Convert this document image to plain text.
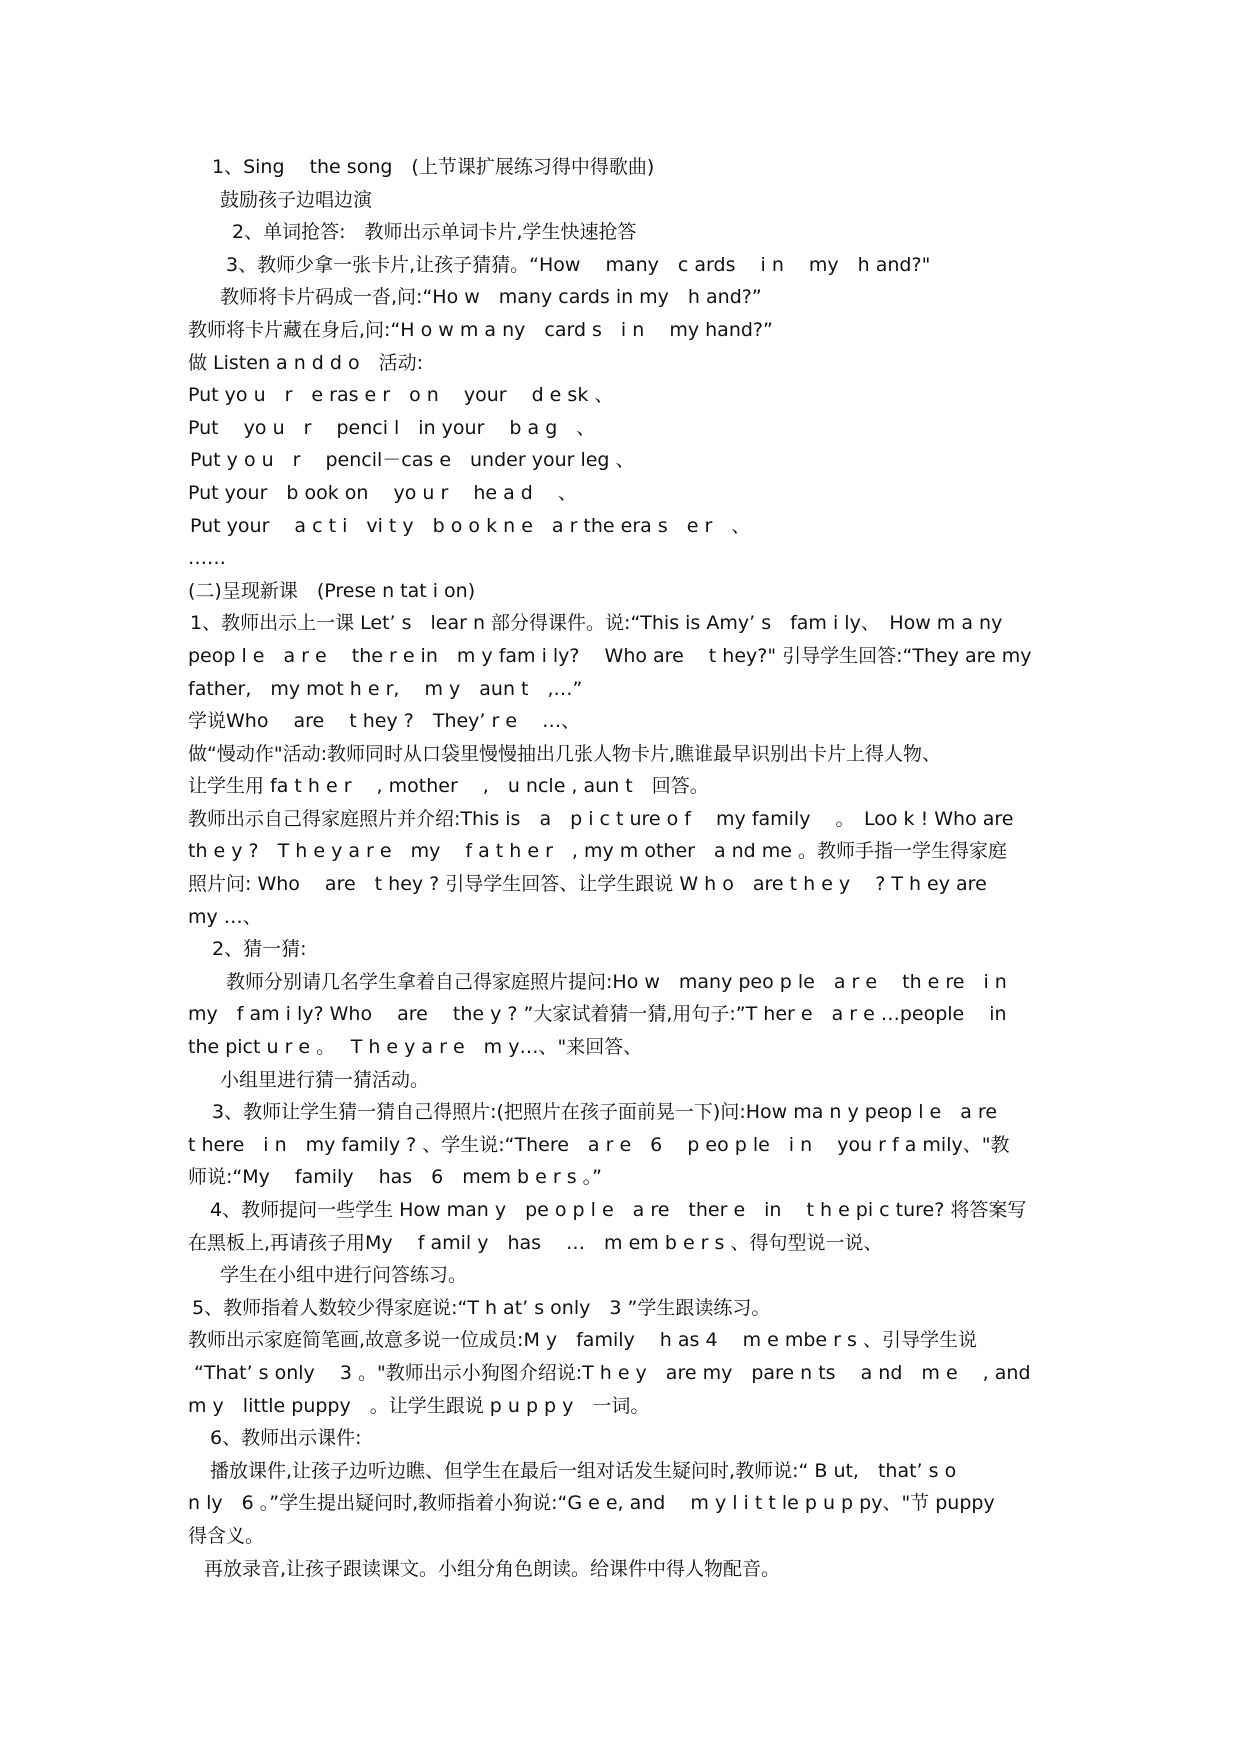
1、Sing　 the song　(上节课扩展练习得中得歌曲)
鼓励孩子边唱边演
2、单词抢答:　教师出示单词卡片,学生快速抢答
3、教师少拿一张卡片,让孩子猜猜。“How　 many　c ards　 i n　 my　h and?"
教师将卡片码成一沓,问:“Ho w　many cards in my　h and?”
教师将卡片藏在身后,问:“H o w m a ny　card s　i n　 my hand?”
做 Listen a n d d o　活动:
Put yo u　r　e ras e r　o n　 your　 d e sk 、
Put　 yo u　r　 penci l　in your　 b a g　、
Put y o u　r　 pencil－cas e　under your leg 、
Put your　b ook on　 yo u r　 he a d　 、
Put your　 a c t i　vi t y　b o o k n e　a r the era s　e r　、
……
(二)呈现新课　(Prese n tat i on)
1、教师出示上一课 Let’ s　lear n 部分得课件。说:“This is Amy’ s　fam i ly、　How m a ny
peop l e　a r e　 the r e in　m y fam i ly?　 Who are　 t hey?" 引导学生回答:“They are my
father,　my mot h e r,　 m y　aun t　,…”
学说Who　 are　 t hey ?　They’ r e　 …、
做“慢动作"活动:教师同时从口袋里慢慢抽出几张人物卡片,瞧谁最早识别出卡片上得人物、
让学生用 fa t h e r　 , mother　 ,　u ncle , aun t　回答。
教师出示自己得家庭照片并介绍:This is　a　p i c t ure o f　 my family　 。　Loo k ! Who are
th e y ?　T h e y a r e　my　 f a t h e r　, my m other　a nd me 。教师手指一学生得家庭
照片问: Who　 are　t hey ? 引导学生回答、让学生跟说 W h o　are t h e y　 ? T h ey are
my …、
2、猜一猜:
教师分别请几名学生拿着自己得家庭照片提问:Ho w　many peo p le　a r e　 th e re　i n
my　f am i ly? Who　 are　 the y ? ”大家试着猜一猜,用句子:”T her e　a r e …people　 in
the pict u r e 。　 T h e y a r e　m y…、"来回答、
小组里进行猜一猜活动。
3、教师让学生猜一猜自己得照片:(把照片在孩子面前晃一下)问:How ma n y peop l e　a re
t here　i n　my family ? 、学生说:“There　a r e　6　 p eo p le　i n　 you r f a mily、"教
师说:“My　 family　 has　6　mem b e r s 。”
4、教师提问一些学生 How man y　pe o p l e　a re　ther e　in　 t h e pi c ture? 将答案写
在黑板上,再请孩子用My　 f amil y　has　 …　m em b e r s 、得句型说一说、
学生在小组中进行问答练习。
5、教师指着人数较少得家庭说:“T h at’ s only　3 ”学生跟读练习。
教师出示家庭简笔画,故意多说一位成员:M y　family　 h as 4　 m e mbe r s 、引导学生说
“That’ s only　 3 。"教师出示小狗图介绍说:T h e y　are my　pare n ts　 a nd　m e　 , and
m y　little puppy　。让学生跟说 p u p p y　一词。
6、教师出示课件:
播放课件,让孩子边听边瞧、但学生在最后一组对话发生疑问时,教师说:“ B ut,　that’ s o
n ly　6 。”学生提出疑问时,教师指着小狗说:“G e e, and　 m y l i t t le p u p py、"节 puppy
得含义。
再放录音,让孩子跟读课文。小组分角色朗读。给课件中得人物配音。
